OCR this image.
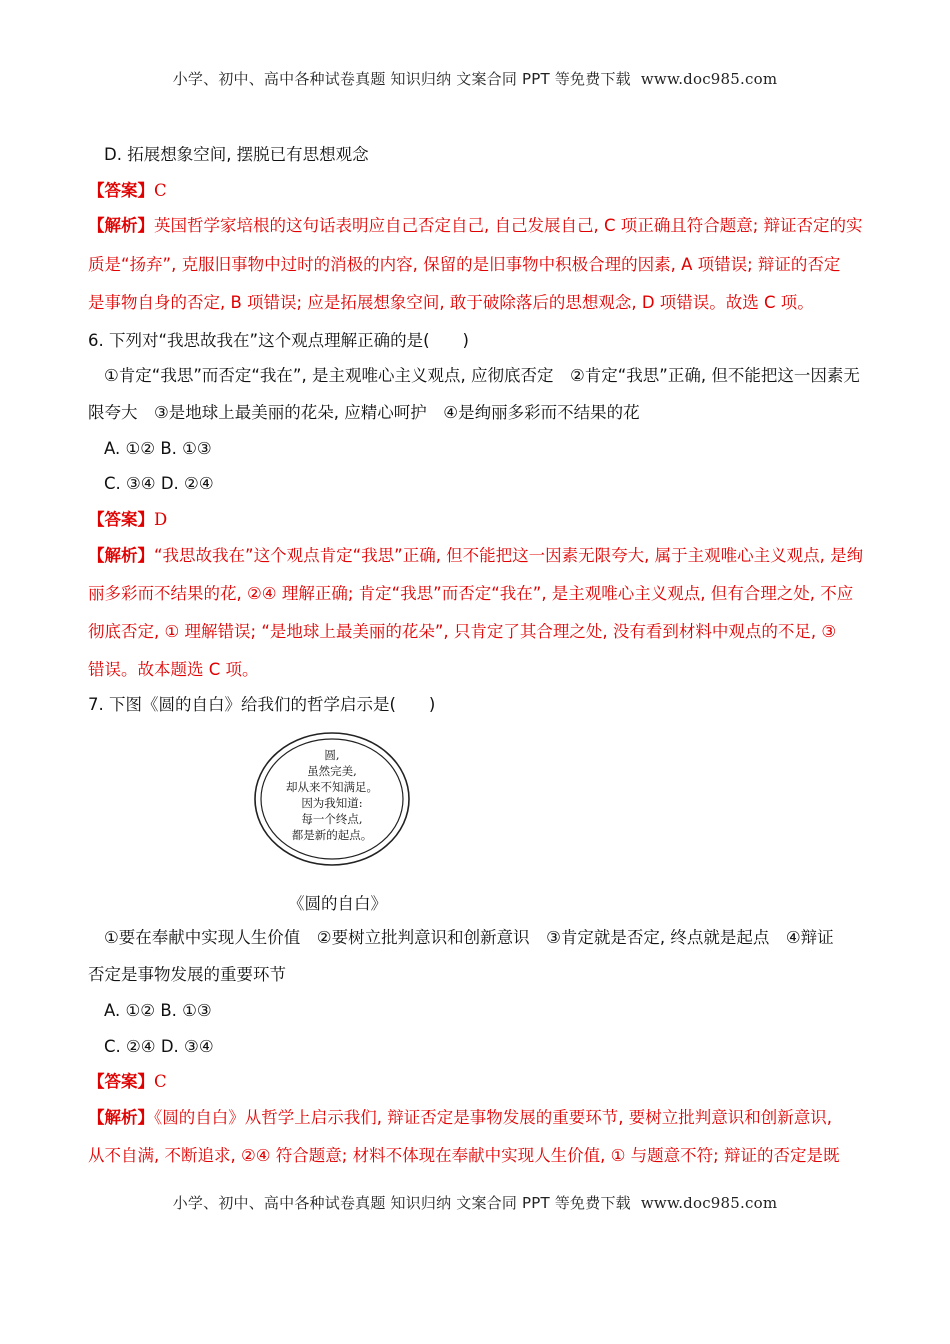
小学、初中、高中各种试卷真题 知识归纳 文案合同 PPT 等免费下载 www.doc985.com
D. 拓展想象空间, 摆脱已有思想观念
【答案】C
【解析】英国哲学家培根的这句话表明应自己否定自己, 自己发展自己, C 项正确且符合题意; 辩证否定的实
质是“扬弃”, 克服旧事物中过时的消极的内容, 保留的是旧事物中积极合理的因素, A 项错误; 辩证的否定
是事物自身的否定, B 项错误; 应是拓展想象空间, 敢于破除落后的思想观念, D 项错误。故选 C 项。
6. 下列对“我思故我在”这个观点理解正确的是(　　)
①肯定“我思”而否定“我在”, 是主观唯心主义观点, 应彻底否定　②肯定“我思”正确, 但不能把这一因素无
限夸大　③是地球上最美丽的花朵, 应精心呵护　④是绚丽多彩而不结果的花
A. ①② B. ①③
C. ③④ D. ②④
【答案】D
【解析】“我思故我在”这个观点肯定“我思”正确, 但不能把这一因素无限夸大, 属于主观唯心主义观点, 是绚
丽多彩而不结果的花, ②④ 理解正确; 肯定“我思”而否定“我在”, 是主观唯心主义观点, 但有合理之处, 不应
彻底否定, ① 理解错误; “是地球上最美丽的花朵”, 只肯定了其合理之处, 没有看到材料中观点的不足, ③
错误。故本题选 C 项。
7. 下图《圆的自白》给我们的哲学启示是(　　)
圆,
虽然完美,
却从来不知满足。
因为我知道:
每一个终点,
都是新的起点。
《圆的自白》
①要在奉献中实现人生价值　②要树立批判意识和创新意识　③肯定就是否定, 终点就是起点　④辩证
否定是事物发展的重要环节
A. ①② B. ①③
C. ②④ D. ③④
【答案】C
【解析】《圆的自白》从哲学上启示我们, 辩证否定是事物发展的重要环节, 要树立批判意识和创新意识,
从不自满, 不断追求, ②④ 符合题意; 材料不体现在奉献中实现人生价值, ① 与题意不符; 辩证的否定是既
小学、初中、高中各种试卷真题 知识归纳 文案合同 PPT 等免费下载 www.doc985.com
